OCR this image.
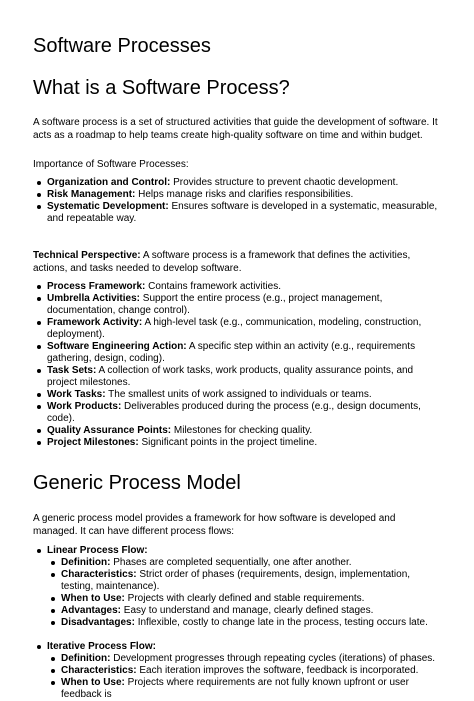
Software Processes
What is a Software Process?

A software process is a set of structured activities that guide the development of software. It acts as a roadmap to help teams create high-quality software on time and within budget.

Importance of Software Processes:

Organization and Control: Provides structure to prevent chaotic development.
Risk Management: Helps manage risks and clarifies responsibilities.
Systematic Development: Ensures software is developed in a systematic, measurable, and repeatable way.

Technical Perspective: A software process is a framework that defines the activities, actions, and tasks needed to develop software.

Process Framework: Contains framework activities.
Umbrella Activities: Support the entire process (e.g., project management, documentation, change control).
Framework Activity: A high-level task (e.g., communication, modeling, construction, deployment).
Software Engineering Action: A specific step within an activity (e.g., requirements gathering, design, coding).
Task Sets: A collection of work tasks, work products, quality assurance points, and project milestones.
Work Tasks: The smallest units of work assigned to individuals or teams.
Work Products: Deliverables produced during the process (e.g., design documents, code).
Quality Assurance Points: Milestones for checking quality.
Project Milestones: Significant points in the project timeline.
Generic Process Model

A generic process model provides a framework for how software is developed and managed. It can have different process flows:

Linear Process Flow:
Definition: Phases are completed sequentially, one after another.
Characteristics: Strict order of phases (requirements, design, implementation, testing, maintenance).
When to Use: Projects with clearly defined and stable requirements.
Advantages: Easy to understand and manage, clearly defined stages.
Disadvantages: Inflexible, costly to change late in the process, testing occurs late.
Iterative Process Flow:
Definition: Development progresses through repeating cycles (iterations) of phases.
Characteristics: Each iteration improves the software, feedback is incorporated.
When to Use: Projects where requirements are not fully known upfront or user feedback is
